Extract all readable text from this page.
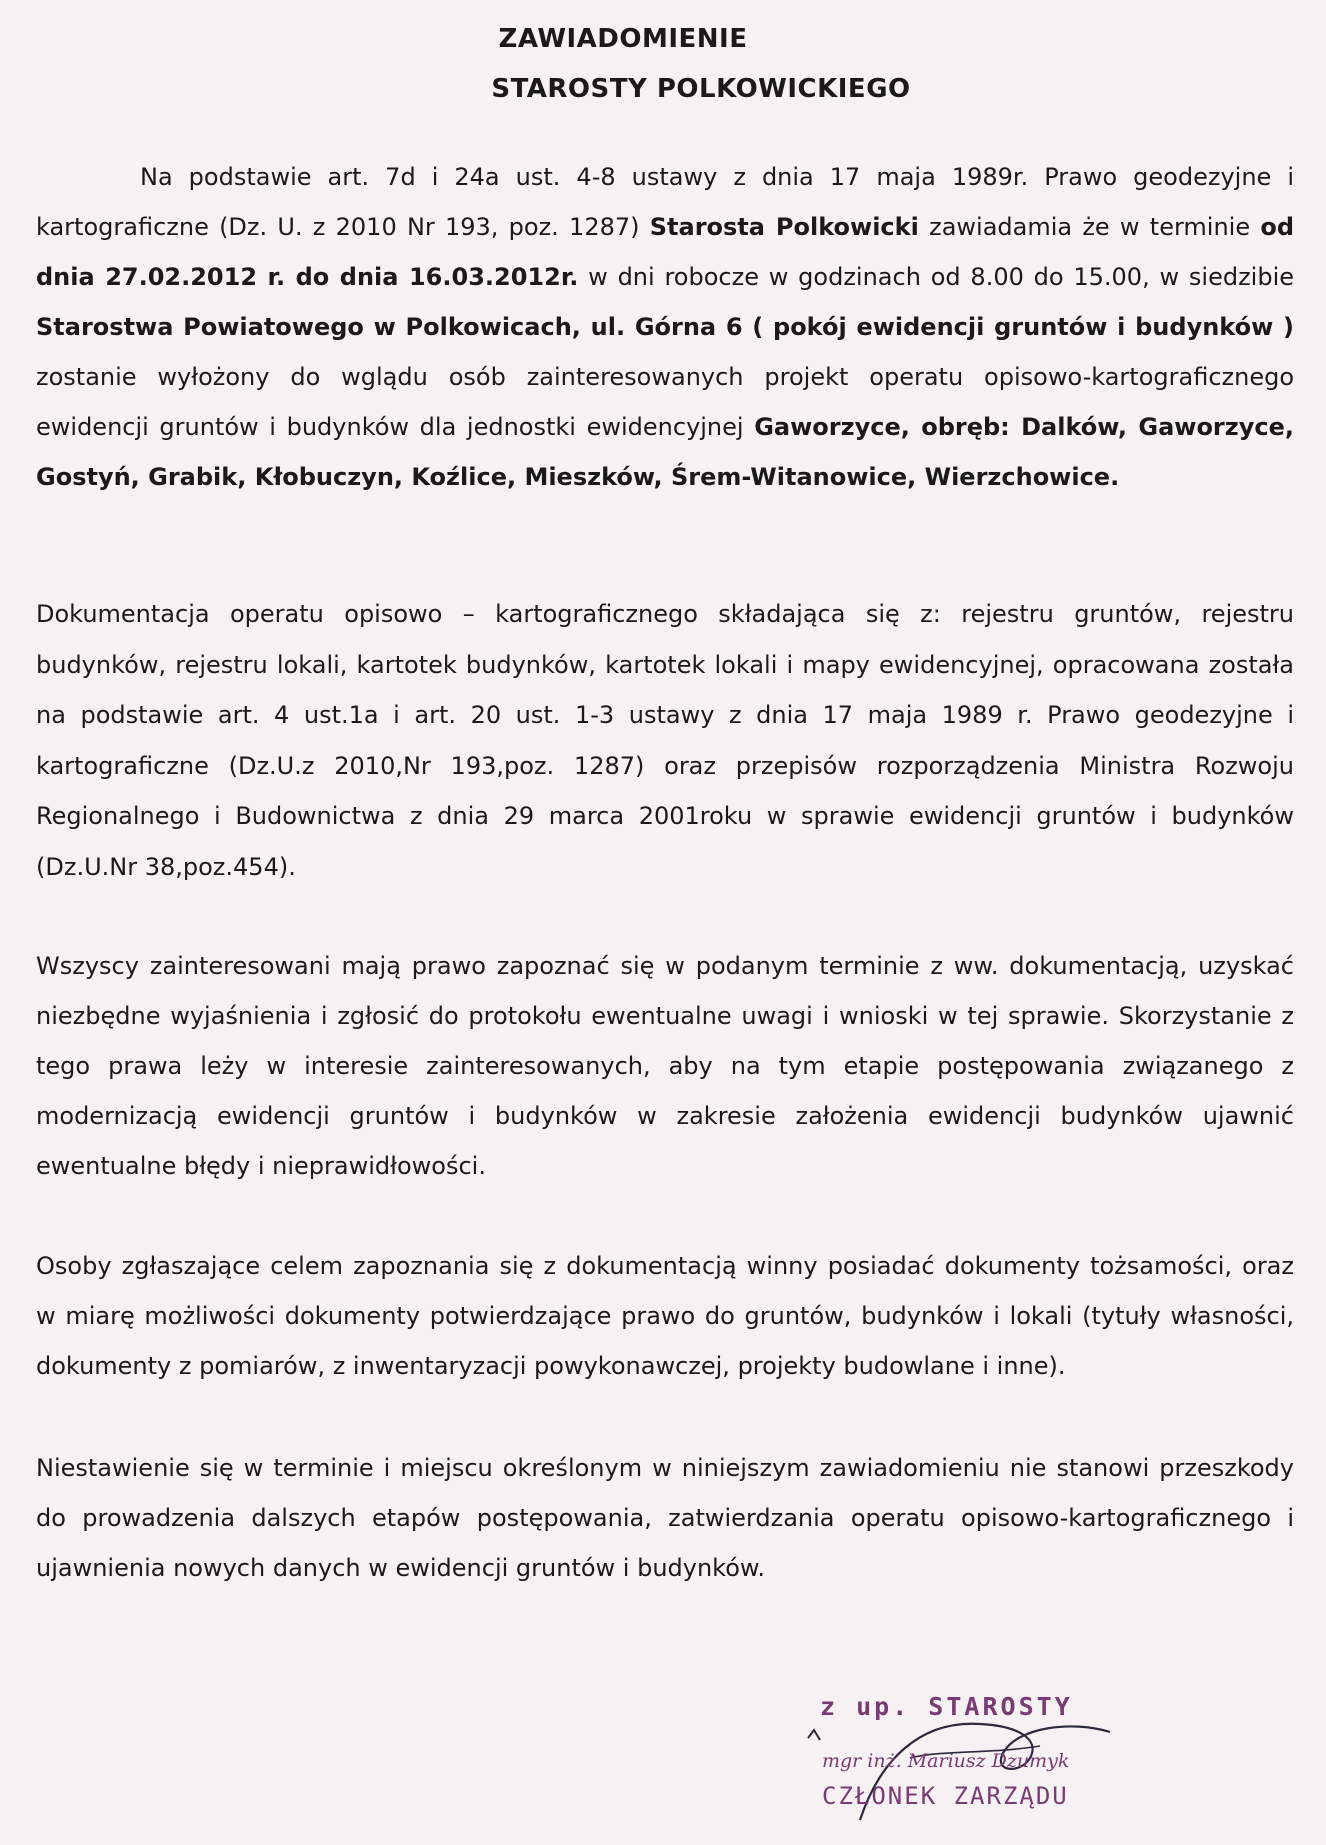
ZAWIADOMIENIE
STAROSTY POLKOWICKIEGO
Na podstawie art. 7d i 24a ust. 4-8 ustawy z dnia 17 maja 1989r. Prawo geodezyjne i kartograficzne (Dz. U. z 2010 Nr 193, poz. 1287) Starosta Polkowicki zawiadamia że w terminie od dnia 27.02.2012 r. do dnia 16.03.2012r. w dni robocze w godzinach od 8.00 do 15.00, w siedzibie Starostwa Powiatowego w Polkowicach, ul. Górna 6 ( pokój ewidencji gruntów i budynków ) zostanie wyłożony do wglądu osób zainteresowanych projekt operatu opisowo-kartograficznego ewidencji gruntów i budynków dla jednostki ewidencyjnej Gaworzyce, obręb: Dalków, Gaworzyce, Gostyń, Grabik, Kłobuczyn, Koźlice, Mieszków, Śrem-Witanowice, Wierzchowice.
Dokumentacja operatu opisowo – kartograficznego składająca się z: rejestru gruntów, rejestru budynków, rejestru lokali, kartotek budynków, kartotek lokali i mapy ewidencyjnej, opracowana została na podstawie art. 4 ust.1a i art. 20 ust. 1-3 ustawy z dnia 17 maja 1989 r. Prawo geodezyjne i kartograficzne (Dz.U.z 2010,Nr 193,poz. 1287) oraz przepisów rozporządzenia Ministra Rozwoju Regionalnego i Budownictwa z dnia 29 marca 2001roku w sprawie ewidencji gruntów i budynków (Dz.U.Nr 38,poz.454).
Wszyscy zainteresowani mają prawo zapoznać się w podanym terminie z ww. dokumentacją, uzyskać niezbędne wyjaśnienia i zgłosić do protokołu ewentualne uwagi i wnioski w tej sprawie. Skorzystanie z tego prawa leży w interesie zainteresowanych, aby na tym etapie postępowania związanego z modernizacją ewidencji gruntów i budynków w zakresie założenia ewidencji budynków ujawnić ewentualne błędy i nieprawidłowości.
Osoby zgłaszające celem zapoznania się z dokumentacją winny posiadać dokumenty tożsamości, oraz w miarę możliwości dokumenty potwierdzające prawo do gruntów, budynków i lokali (tytuły własności, dokumenty z pomiarów, z inwentaryzacji powykonawczej, projekty budowlane i inne).
Niestawienie się w terminie i miejscu określonym w niniejszym zawiadomieniu nie stanowi przeszkody do prowadzenia dalszych etapów postępowania, zatwierdzania operatu opisowo-kartograficznego i ujawnienia nowych danych w ewidencji gruntów i budynków.
z up. STAROSTY
mgr inż. Mariusz Dzumyk
CZŁONEK ZARZĄDU
